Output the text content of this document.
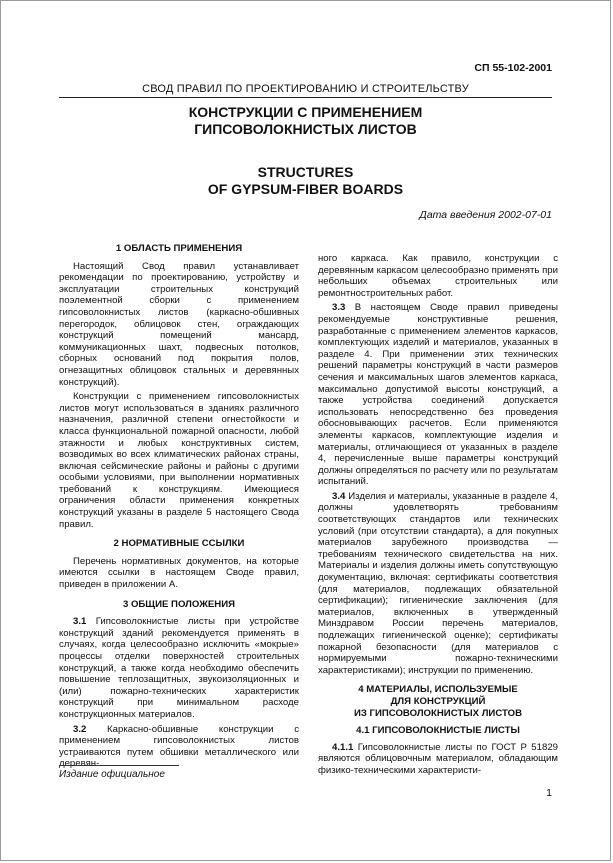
СП 55-102-2001
СВОД ПРАВИЛ ПО ПРОЕКТИРОВАНИЮ И СТРОИТЕЛЬСТВУ
КОНСТРУКЦИИ С ПРИМЕНЕНИЕМ
ГИПСОВОЛОКНИСТЫХ ЛИСТОВ
STRUCTURES
OF GYPSUM-FIBER BOARDS
Дата введения 2002-07-01
1 ОБЛАСТЬ ПРИМЕНЕНИЯ

Настоящий Свод правил устанавливает рекомендации по проектированию, устройству и эксплуатации строительных конструкций поэлементной сборки с применением гипсоволокнистых листов (каркасно-обшивных перегородок, облицовок стен, ограждающих конструкций помещений мансард, коммуникационных шахт, подвесных потолков, сборных оснований под покрытия полов, огнезащитных облицовок стальных и деревянных конструкций).

Конструкции с применением гипсоволокнистых листов могут использоваться в зданиях различного назначения, различной степени огнестойкости и класса функциональной пожарной опасности, любой этажности и любых конструктивных систем, возводимых во всех климатических районах страны, включая сейсмические районы и районы с другими особыми условиями, при выполнении нормативных требований к конструкциям. Имеющиеся ограничения области применения конкретных конструкций указаны в разделе 5 настоящего Свода правил.

2 НОРМАТИВНЫЕ ССЫЛКИ

Перечень нормативных документов, на которые имеются ссылки в настоящем Своде правил, приведен в приложении А.

3 ОБЩИЕ ПОЛОЖЕНИЯ

3.1 Гипсоволокнистые листы при устройстве конструкций зданий рекомендуется применять в случаях, когда целесообразно исключить «мокрые» процессы отделки поверхностей строительных конструкций, а также когда необходимо обеспечить повышение теплозащитных, звукоизоляционных и (или) пожарно-технических характеристик конструкций при минимальном расходе конструкционных материалов.

3.2 Каркасно-обшивные конструкции с применением гипсоволокнистых листов устраиваются путем обшивки металлического или деревян-

ного каркаса. Как правило, конструкции с деревянным каркасом целесообразно применять при небольших объемах строительных или ремонтностроительных работ.

3.3 В настоящем Своде правил приведены рекомендуемые конструктивные решения, разработанные с применением элементов каркасов, комплектующих изделий и материалов, указанных в разделе 4. При применении этих технических решений параметры конструкций в части размеров сечения и максимальных шагов элементов каркаса, максимально допустимой высоты конструкций, а также устройства соединений допускается использовать непосредственно без проведения обосновывающих расчетов. Если применяются элементы каркасов, комплектующие изделия и материалы, отличающиеся от указанных в разделе 4, перечисленные выше параметры конструкций должны определяться по расчету или по результатам испытаний.

3.4 Изделия и материалы, указанные в разделе 4, должны удовлетворять требованиям соответствующих стандартов или технических условий (при отсутствии стандарта), а для покупных материалов зарубежного производства — требованиям технического свидетельства на них. Материалы и изделия должны иметь сопутствующую документацию, включая: сертификаты соответствия (для материалов, подлежащих обязательной сертификации); гигиенические заключения (для материалов, включенных в утвержденный Минздравом России перечень материалов, подлежащих гигиенической оценке); сертификаты пожарной безопасности (для материалов с нормируемыми пожарно-техническими характеристиками); инструкции по применению.

4 МАТЕРИАЛЫ, ИСПОЛЬЗУЕМЫЕ
ДЛЯ КОНСТРУКЦИЙ
ИЗ ГИПСОВОЛОКНИСТЫХ ЛИСТОВ
4.1 ГИПСОВОЛОКНИСТЫЕ ЛИСТЫ

4.1.1 Гипсоволокнистые листы по ГОСТ Р 51829 являются облицовочным материалом, обладающим физико-техническими характеристи-

Издание официальное
1
